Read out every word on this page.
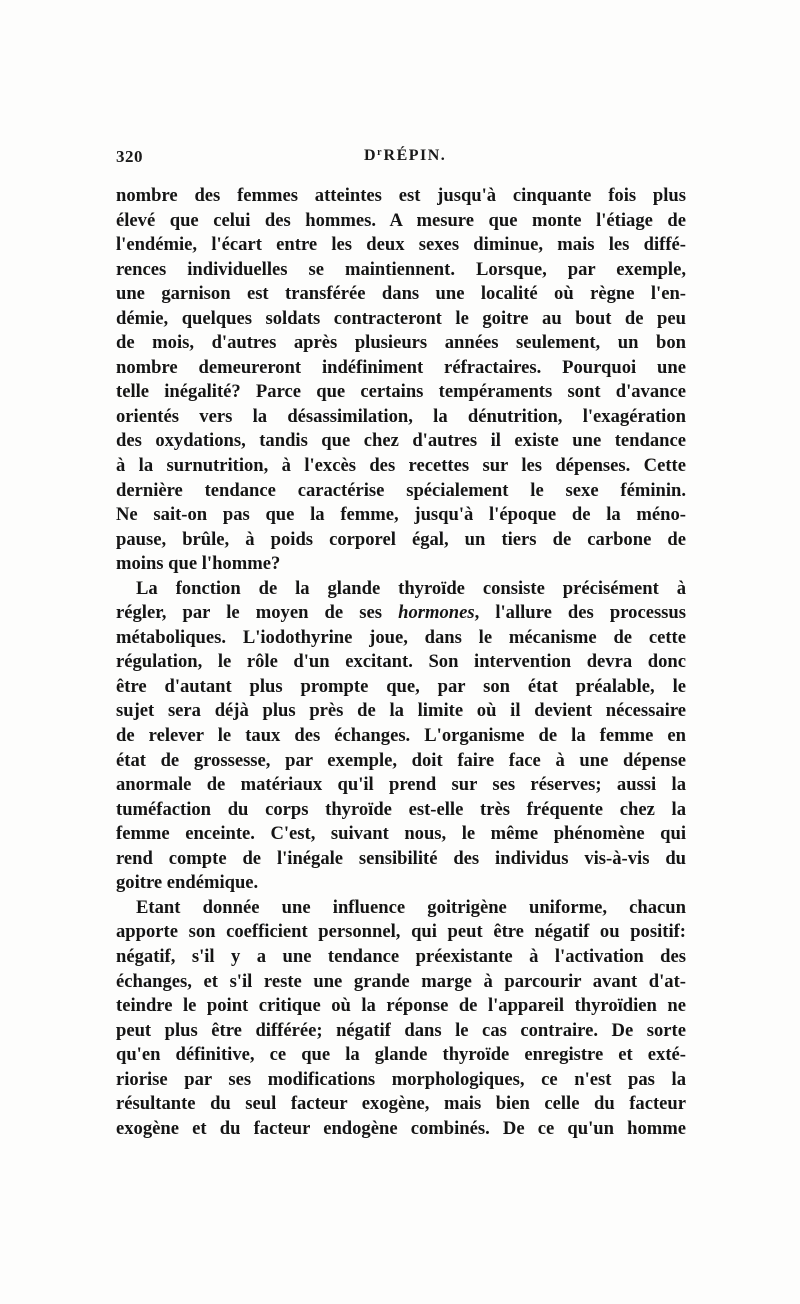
320	$D^r$ RÉPIN.
nombre des femmes atteintes est jusqu'à cinquante fois plus
élevé que celui des hommes. A mesure que monte l'étiage de
l'endémie, l'écart entre les deux sexes diminue, mais les diffé-
rences individuelles se maintiennent. Lorsque, par exemple,
une garnison est transférée dans une localité où règne l'en-
démie, quelques soldats contracteront le goitre au bout de peu
de mois, d'autres après plusieurs années seulement, un bon
nombre demeureront indéfiniment réfractaires. Pourquoi une
telle inégalité? Parce que certains tempéraments sont d'avance
orientés vers la désassimilation, la dénutrition, l'exagération
des oxydations, tandis que chez d'autres il existe une tendance
à la surnutrition, à l'excès des recettes sur les dépenses. Cette
dernière tendance caractérise spécialement le sexe féminin.
Ne sait-on pas que la femme, jusqu'à l'époque de la méno-
pause, brûle, à poids corporel égal, un tiers de carbone de
moins que l'homme?
La fonction de la glande thyroïde consiste précisément à
régler, par le moyen de ses hormones, l'allure des processus
métaboliques. L'iodothyrine joue, dans le mécanisme de cette
régulation, le rôle d'un excitant. Son intervention devra donc
être d'autant plus prompte que, par son état préalable, le
sujet sera déjà plus près de la limite où il devient nécessaire
de relever le taux des échanges. L'organisme de la femme en
état de grossesse, par exemple, doit faire face à une dépense
anormale de matériaux qu'il prend sur ses réserves; aussi la
tuméfaction du corps thyroïde est-elle très fréquente chez la
femme enceinte. C'est, suivant nous, le même phénomène qui
rend compte de l'inégale sensibilité des individus vis-à-vis du
goitre endémique.
Etant donnée une influence goitrigène uniforme, chacun
apporte son coefficient personnel, qui peut être négatif ou positif:
négatif, s'il y a une tendance préexistante à l'activation des
échanges, et s'il reste une grande marge à parcourir avant d'at-
teindre le point critique où la réponse de l'appareil thyroïdien ne
peut plus être différée; négatif dans le cas contraire. De sorte
qu'en définitive, ce que la glande thyroïde enregistre et exté-
riorise par ses modifications morphologiques, ce n'est pas la
résultante du seul facteur exogène, mais bien celle du facteur
exogène et du facteur endogène combinés. De ce qu'un homme
